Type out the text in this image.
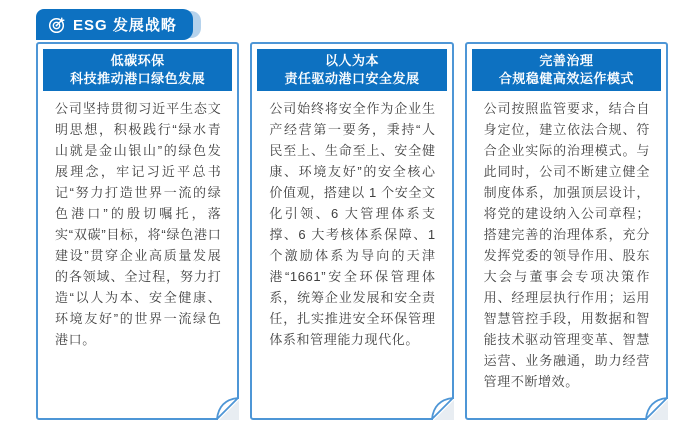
ESG 发展战略
低碳环保
科技推动港口绿色发展

公司坚持贯彻习近平生态文明思想，积极践行“绿水青山就是金山银山”的绿色发展理念，牢记习近平总书记“努力打造世界一流的绿色港口”的殷切嘱托，落实“双碳”目标，将“绿色港口建设”贯穿企业高质量发展的各领域、全过程，努力打造“以人为本、安全健康、环境友好”的世界一流绿色港口。

以人为本
责任驱动港口安全发展

公司始终将安全作为企业生产经营第一要务，秉持“人民至上、生命至上、安全健康、环境友好”的安全核心价值观，搭建以 1 个安全文化引领、6 大管理体系支撑、6 大考核体系保障、1 个激励体系为导向的天津港“1661”安全环保管理体系，统筹企业发展和安全责任，扎实推进安全环保管理体系和管理能力现代化。

完善治理
合规稳健高效运作模式

公司按照监管要求，结合自身定位，建立依法合规、符合企业实际的治理模式。与此同时，公司不断建立健全制度体系，加强顶层设计，将党的建设纳入公司章程；搭建完善的治理体系，充分发挥党委的领导作用、股东大会与董事会专项决策作用、经理层执行作用；运用智慧管控手段，用数据和智能技术驱动管理变革、智慧运营、业务融通，助力经营管理不断增效。
